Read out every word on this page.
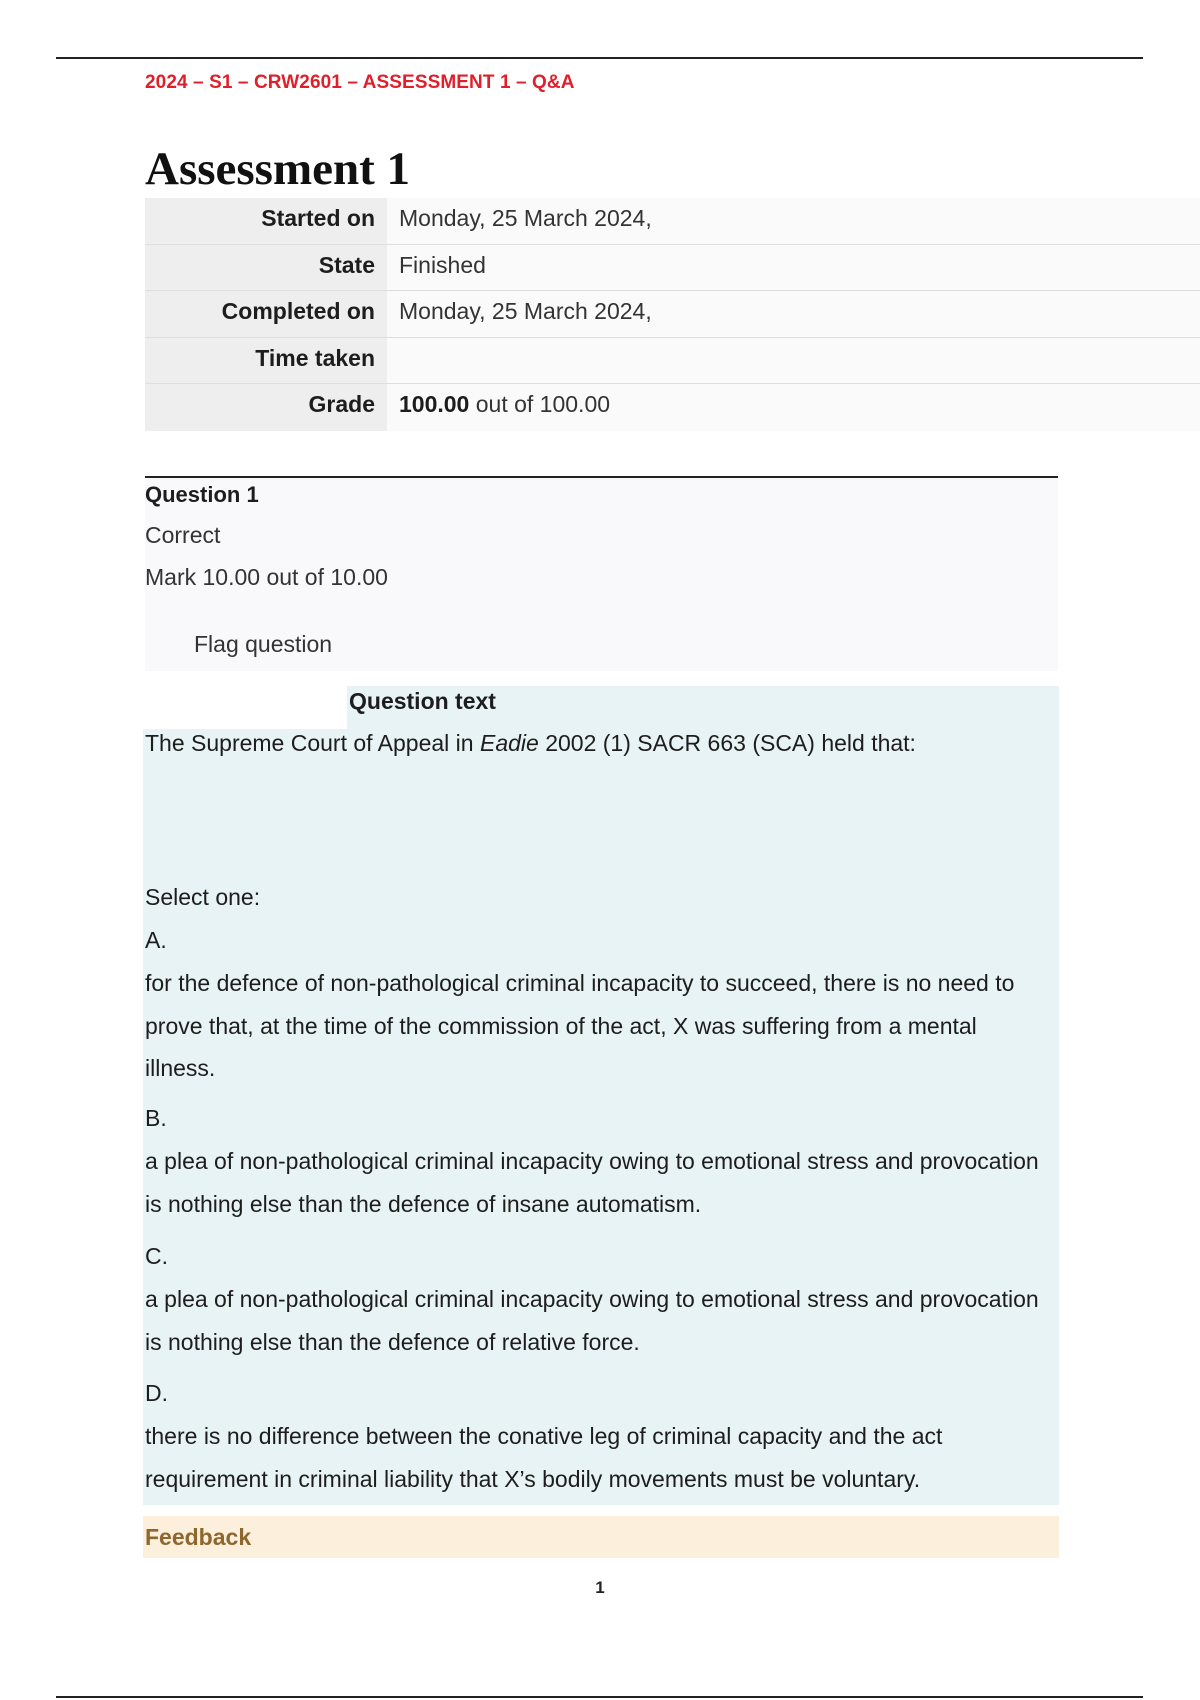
2024 – S1 – CRW2601 – ASSESSMENT 1 – Q&A
Assessment 1
Started on	Monday, 25 March 2024,
State	Finished
Completed on	Monday, 25 March 2024,
Time taken
Grade	100.00 out of 100.00
Question 1
Correct
Mark 10.00 out of 10.00
Flag question
Question text
The Supreme Court of Appeal in Eadie 2002 (1) SACR 663 (SCA) held that:
Select one:
A.
for the defence of non-pathological criminal incapacity to succeed, there is no need to prove that, at the time of the commission of the act, X was suffering from a mental illness.
B.
a plea of non-pathological criminal incapacity owing to emotional stress and provocation is nothing else than the defence of insane automatism.
C.
a plea of non-pathological criminal incapacity owing to emotional stress and provocation is nothing else than the defence of relative force.
D.
there is no difference between the conative leg of criminal capacity and the act requirement in criminal liability that X’s bodily movements must be voluntary.
Feedback
1
